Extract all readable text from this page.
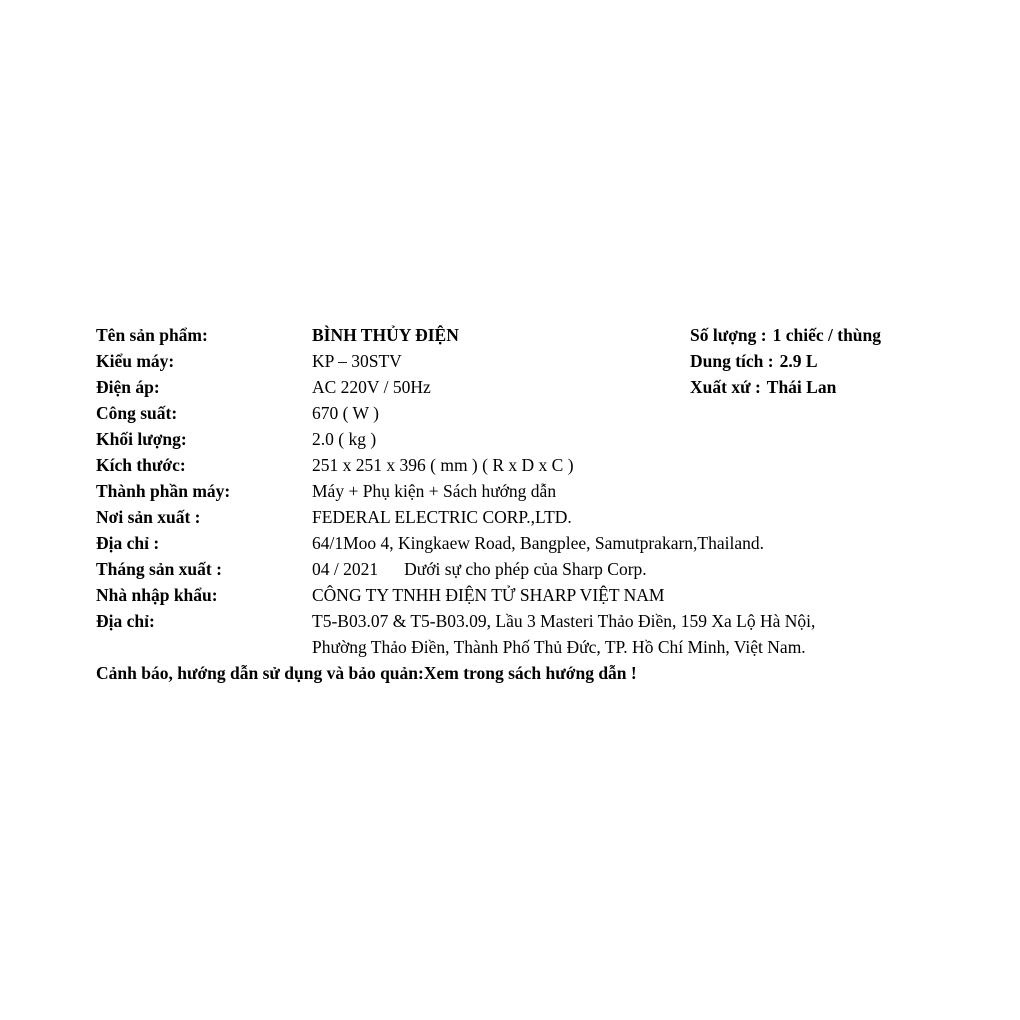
Tên sản phẩm:	BÌNH THỦY ĐIỆN	Số lượng : 1 chiếc / thùng
Kiểu máy:	KP – 30STV	Dung tích : 2.9 L
Điện áp:	AC 220V / 50Hz	Xuất xứ : Thái Lan
Công suất:	670 ( W )
Khối lượng:	2.0 ( kg )
Kích thước:	251 x 251 x 396 ( mm ) ( R x D x C )
Thành phần máy:	Máy + Phụ kiện + Sách hướng dẫn
Nơi sản xuất :	FEDERAL ELECTRIC CORP.,LTD.
Địa chỉ :	64/1Moo 4, Kingkaew Road, Bangplee, Samutprakarn,Thailand.
Tháng sản xuất :	04 / 2021 Dưới sự cho phép của Sharp Corp.
Nhà nhập khẩu:	CÔNG TY TNHH ĐIỆN TỬ SHARP VIỆT NAM
Địa chỉ:	T5-B03.07 & T5-B03.09, Lầu 3 Masteri Thảo Điền, 159 Xa Lộ Hà Nội,
Phường Thảo Điền, Thành Phố Thủ Đức, TP. Hồ Chí Minh, Việt Nam.
Cảnh báo, hướng dẫn sử dụng và bảo quản:Xem trong sách hướng dẫn !
